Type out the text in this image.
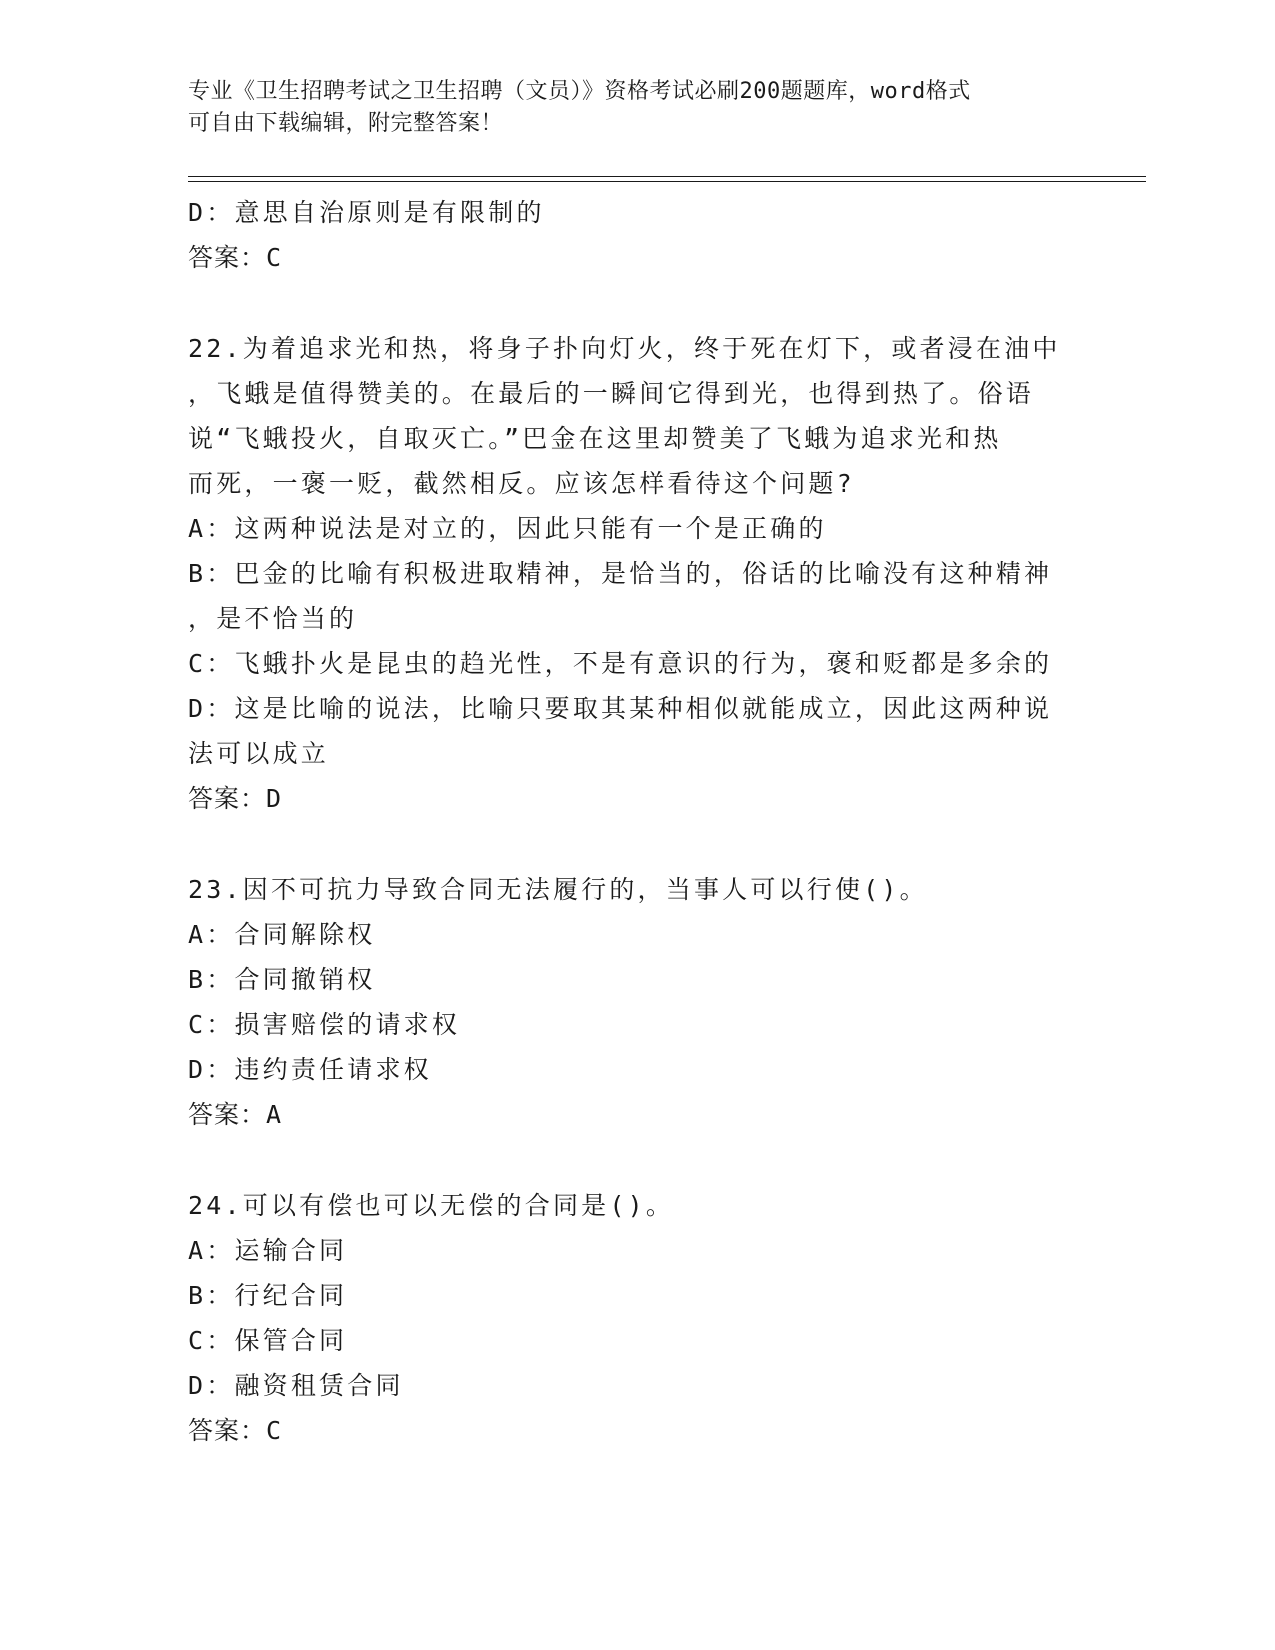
专业《卫生招聘考试之卫生招聘（文员）》资格考试必刷200题题库，word格式
可自由下载编辑，附完整答案！
D：意思自治原则是有限制的
答案：C
22.为着追求光和热，将身子扑向灯火，终于死在灯下，或者浸在油中
，飞蛾是值得赞美的。在最后的一瞬间它得到光，也得到热了。俗语
说“飞蛾投火，自取灭亡。”巴金在这里却赞美了飞蛾为追求光和热
而死，一褒一贬，截然相反。应该怎样看待这个问题?
A：这两种说法是对立的，因此只能有一个是正确的
B：巴金的比喻有积极进取精神，是恰当的，俗话的比喻没有这种精神
，是不恰当的
C：飞蛾扑火是昆虫的趋光性，不是有意识的行为，褒和贬都是多余的
D：这是比喻的说法，比喻只要取其某种相似就能成立，因此这两种说
法可以成立
答案：D
23.因不可抗力导致合同无法履行的，当事人可以行使()。
A：合同解除权
B：合同撤销权
C：损害赔偿的请求权
D：违约责任请求权
答案：A
24.可以有偿也可以无偿的合同是()。
A：运输合同
B：行纪合同
C：保管合同
D：融资租赁合同
答案：C
